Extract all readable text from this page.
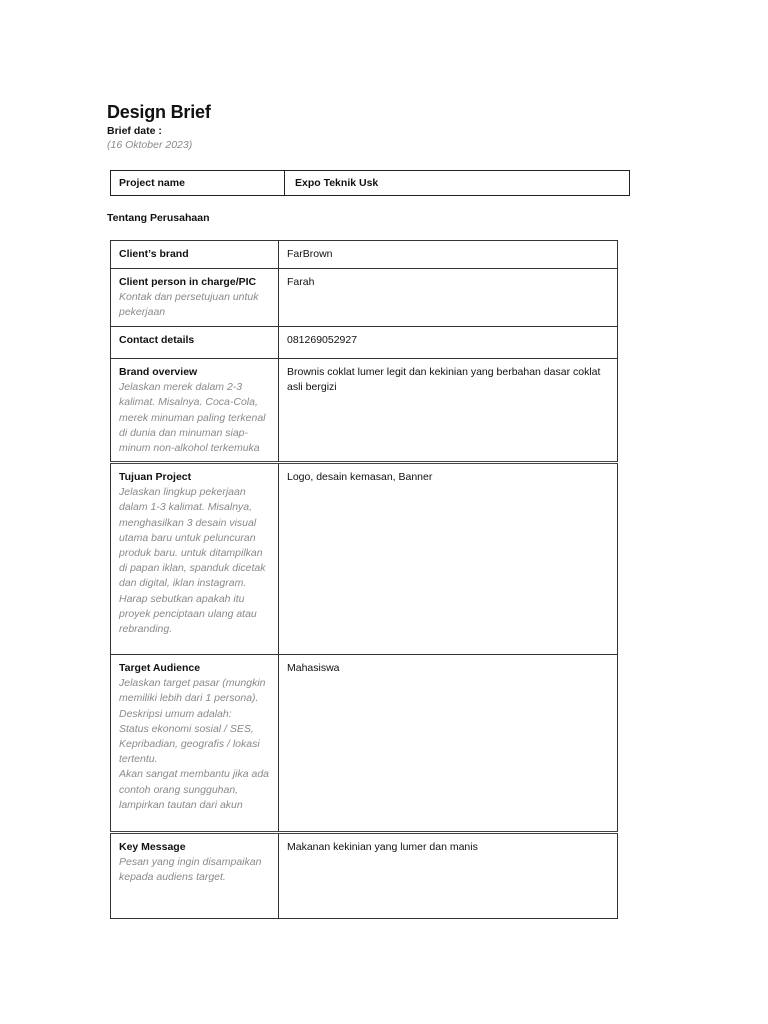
Design Brief
Brief date :
(16 Oktober 2023)
Project name	Expo Teknik Usk
Tentang Perusahaan
Client’s brand	FarBrown

Client person in charge/PIC
Kontak dan persetujuan untuk pekerjaan	Farah

Contact details	081269052927

Brand overview
Jelaskan merek dalam 2-3 kalimat. Misalnya. Coca-Cola, merek minuman paling terkenal di dunia dan minuman siap-minum non-alkohol terkemuka	Brownis coklat lumer legit dan kekinian yang berbahan dasar coklat asli bergizi

Tujuan Project
Jelaskan lingkup pekerjaan dalam 1-3 kalimat. Misalnya, menghasilkan 3 desain visual utama baru untuk peluncuran produk baru. untuk ditampilkan di papan iklan, spanduk dicetak dan digital, iklan instagram. Harap sebutkan apakah itu proyek penciptaan ulang atau rebranding.	Logo, desain kemasan, Banner

Target Audience
Jelaskan target pasar (mungkin memiliki lebih dari 1 persona). Deskripsi umum adalah:
Status ekonomi sosial / SES, Kepribadian, geografis / lokasi tertentu.
Akan sangat membantu jika ada contoh orang sungguhan, lampirkan tautan dari akun	Mahasiswa

Key Message
Pesan yang ingin disampaikan kepada audiens target.	Makanan kekinian yang lumer dan manis
